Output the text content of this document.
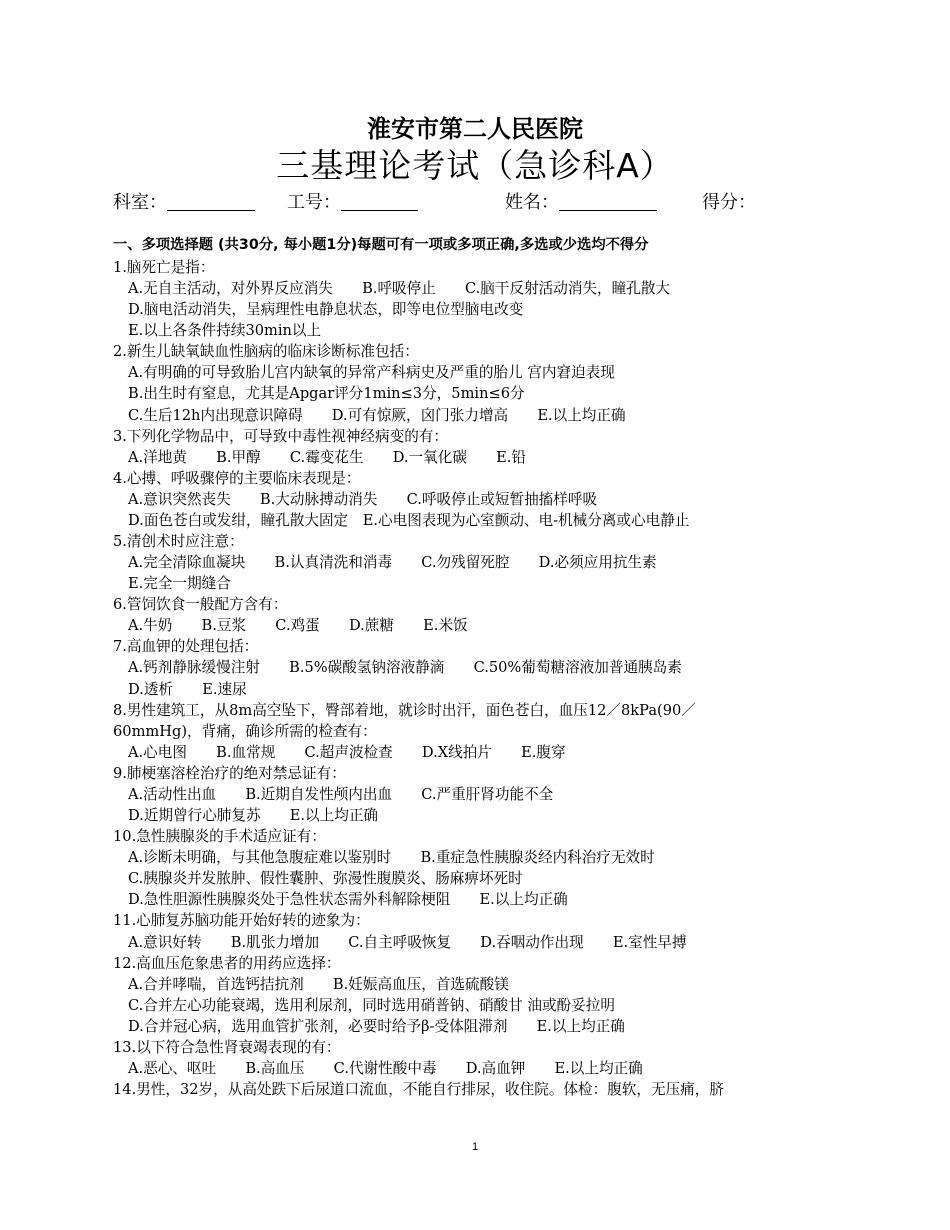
淮安市第二人民医院
三基理论考试（急诊科A）
科室：	工号：	姓名：	得分：
一、多项选择题 (共30分, 每小题1分)每题可有一项或多项正确,多选或少选均不得分
1.脑死亡是指：
A.无自主活动，对外界反应消失　　B.呼吸停止　　C.脑干反射活动消失，瞳孔散大
D.脑电活动消失，呈病理性电静息状态，即等电位型脑电改变
E.以上各条件持续30min以上
2.新生儿缺氧缺血性脑病的临床诊断标准包括：
A.有明确的可导致胎儿宫内缺氧的异常产科病史及严重的胎儿 宫内窘迫表现
B.出生时有窒息，尤其是Apgar评分1min≤3分，5min≤6分
C.生后12h内出现意识障碍　　D.可有惊厥，囟门张力增高　　E.以上均正确
3.下列化学物品中，可导致中毒性视神经病变的有：
A.洋地黄　　B.甲醇　　C.霉变花生　　D.一氧化碳　　E.铅
4.心搏、呼吸骤停的主要临床表现是：
A.意识突然丧失　　B.大动脉搏动消失　　C.呼吸停止或短暂抽搐样呼吸
D.面色苍白或发绀，瞳孔散大固定　E.心电图表现为心室颤动、电-机械分离或心电静止
5.清创术时应注意：
A.完全清除血凝块　　B.认真清洗和消毒　　C.勿残留死腔　　D.必须应用抗生素
E.完全一期缝合
6.管饲饮食一般配方含有：
A.牛奶　　B.豆浆　　C.鸡蛋　　D.蔗糖　　E.米饭
7.高血钾的处理包括：
A.钙剂静脉缓慢注射　　B.5%碳酸氢钠溶液静滴　　C.50%葡萄糖溶液加普通胰岛素
D.透析　　E.速尿
8.男性建筑工，从8m高空坠下，臀部着地，就诊时出汗，面色苍白，血压12／8kPa(90／
60mmHg)，背痛，确诊所需的检查有：
A.心电图　　B.血常规　　C.超声波检查　　D.X线拍片　　E.腹穿
9.肺梗塞溶栓治疗的绝对禁忌证有：
A.活动性出血　　B.近期自发性颅内出血　　C.严重肝肾功能不全
D.近期曾行心肺复苏　　E.以上均正确
10.急性胰腺炎的手术适应证有：
A.诊断未明确，与其他急腹症难以鉴别时　　B.重症急性胰腺炎经内科治疗无效时
C.胰腺炎并发脓肿、假性囊肿、弥漫性腹膜炎、肠麻痹坏死时
D.急性胆源性胰腺炎处于急性状态需外科解除梗阻　　E.以上均正确
11.心肺复苏脑功能开始好转的迹象为：
A.意识好转　　B.肌张力增加　　C.自主呼吸恢复　　D.吞咽动作出现　　E.室性早搏
12.高血压危象患者的用药应选择：
A.合并哮喘，首选钙拮抗剂　　B.妊娠高血压，首选硫酸镁
C.合并左心功能衰竭，选用利尿剂，同时选用硝普钠、硝酸甘 油或酚妥拉明
D.合并冠心病，选用血管扩张剂，必要时给予β-受体阻滞剂　　E.以上均正确
13.以下符合急性肾衰竭表现的有：
A.恶心、呕吐　　B.高血压　　C.代谢性酸中毒　　D.高血钾　　E.以上均正确
14.男性，32岁，从高处跌下后尿道口流血，不能自行排尿，收住院。体检：腹软，无压痛，脐
1
